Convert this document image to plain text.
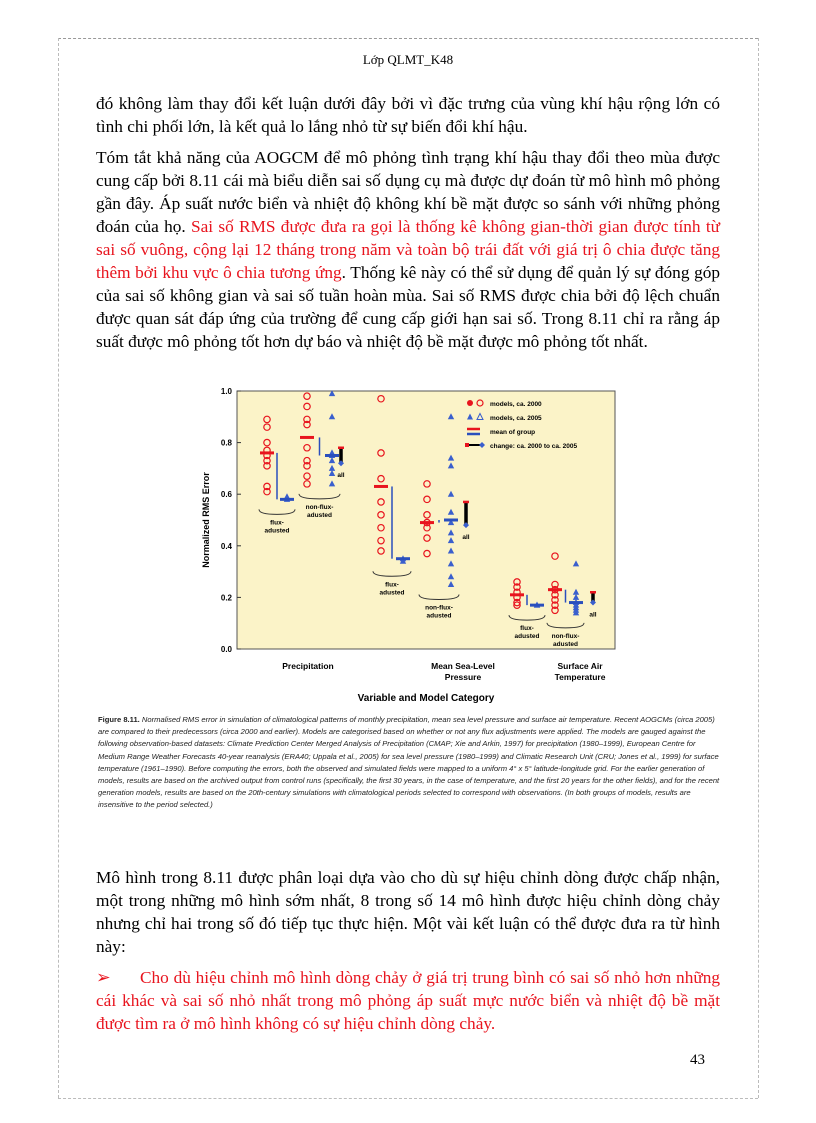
Lớp QLMT_K48
đó không làm thay đổi kết luận dưới đây bởi vì đặc trưng của vùng khí hậu rộng lớn có tình chi phối lớn, là kết quả lo lắng nhỏ từ sự biến đổi khí hậu.
Tóm tắt khả năng của AOGCM để mô phỏng tình trạng khí hậu thay đổi theo mùa được cung cấp bởi 8.11 cái mà biểu diễn sai số dụng cụ mà được dự đoán từ mô hình mô phỏng gần đây. Áp suất nước biển và nhiệt độ không khí bề mặt được so sánh với những phỏng đoán của họ. Sai số RMS được đưa ra gọi là thống kê không gian-thời gian được tính từ sai số vuông, cộng lại 12 tháng trong năm và toàn bộ trái đất với giá trị ô chia được tăng thêm bởi khu vực ô chia tương ứng. Thống kê này có thể sử dụng để quản lý sự đóng góp của sai số không gian và sai số tuần hoàn mùa. Sai số RMS được chia bởi độ lệch chuẩn được quan sát đáp ứng của trường để cung cấp giới hạn sai số. Trong 8.11 chỉ ra rằng áp suất được mô phỏng tốt hơn dự báo và nhiệt độ bề mặt được mô phỏng tốt nhất.
0.0
0.2
0.4
0.6
0.8
1.0
Normalized RMS Error
Variable and Model Category
Precipitation	Mean Sea-Level
Pressure
Surface Air
Temperature
flux-
adusted
non-flux-
adusted
flux-
adusted
non-flux-
adusted
flux-
adusted non-flux-
adusted
all
all
all
models, ca. 2000
models, ca. 2005
mean of group
change: ca. 2000 to ca. 2005
Figure 8.11. Normalised RMS error in simulation of climatological patterns of monthly precipitation, mean sea level pressure and surface air temperature. Recent AOGCMs (circa 2005) are compared to their predecessors (circa 2000 and earlier). Models are categorised based on whether or not any flux adjustments were applied. The models are gauged against the following observation-based datasets: Climate Prediction Center Merged Analysis of Precipitation (CMAP; Xie and Arkin, 1997) for precipitation (1980–1999), European Centre for Medium Range Weather Forecasts 40-year reanalysis (ERA40; Uppala et al., 2005) for sea level pressure (1980–1999) and Climatic Research Unit (CRU; Jones et al., 1999) for surface temperature (1961–1990). Before computing the errors, both the observed and simulated fields were mapped to a uniform 4° x 5° latitude-longitude grid. For the earlier generation of models, results are based on the archived output from control runs (specifically, the first 30 years, in the case of temperature, and the first 20 years for the other fields), and for the recent generation models, results are based on the 20th-century simulations with climatological periods selected to correspond with observations. (In both groups of models, results are insensitive to the period selected.)
Mô hình trong 8.11 được phân loại dựa vào cho dù sự hiệu chỉnh dòng được chấp nhận, một trong những mô hình sớm nhất, 8 trong số 14 mô hình được hiệu chỉnh dòng chảy nhưng chỉ hai trong số đó tiếp tục thực hiện. Một vài kết luận có thể được đưa ra từ hình này:
➢ Cho dù hiệu chỉnh mô hình dòng chảy ở giá trị trung bình có sai số nhỏ hơn những cái khác và sai số nhỏ nhất trong mô phỏng áp suất mực nước biển và nhiệt độ bề mặt được tìm ra ở mô hình không có sự hiệu chỉnh dòng chảy.
43
